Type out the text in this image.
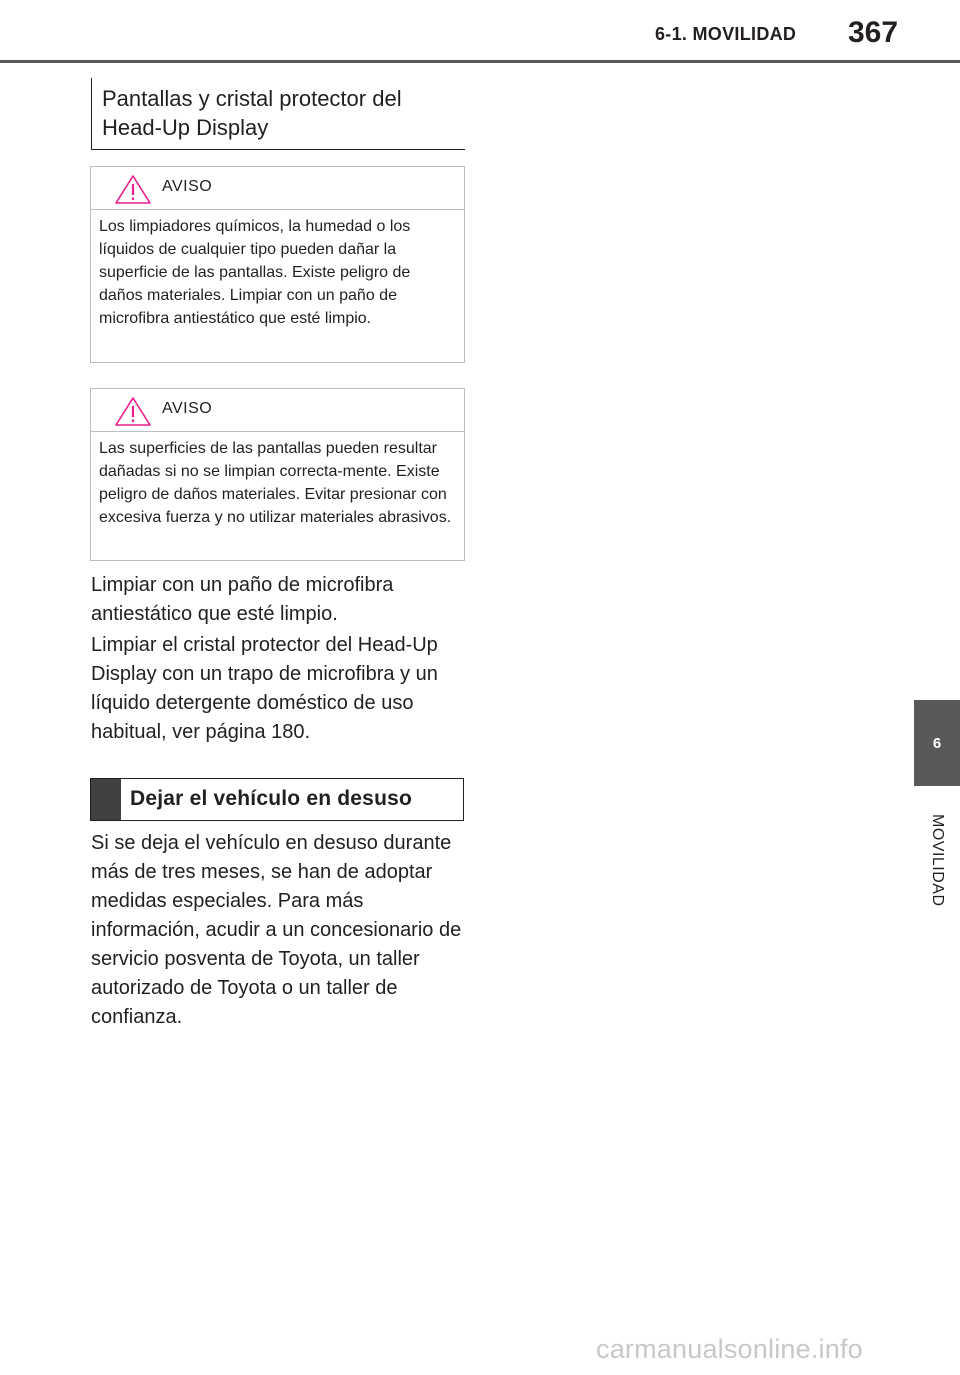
6-1. MOVILIDAD 367
6
MOVILIDAD
Pantallas y cristal protector del
Head-Up Display
AVISO
Los limpiadores químicos, la humedad o los líquidos de cualquier tipo pueden dañar la superficie de las pantallas. Existe peligro de daños materiales. Limpiar con un paño de microfibra antiestático que esté limpio.
AVISO
Las superficies de las pantallas pueden resultar dañadas si no se limpian correcta-mente. Existe peligro de daños materiales. Evitar presionar con excesiva fuerza y no utilizar materiales abrasivos.

Limpiar con un paño de microfibra antiestático que esté limpio.

Limpiar el cristal protector del Head-Up Display con un trapo de microfibra y un líquido detergente doméstico de uso habitual, ver página 180.

Dejar el vehículo en desuso

Si se deja el vehículo en desuso durante más de tres meses, se han de adoptar medidas especiales. Para más información, acudir a un concesionario de servicio posventa de Toyota, un taller autorizado de Toyota o un taller de confianza.

carmanualsonline.info
